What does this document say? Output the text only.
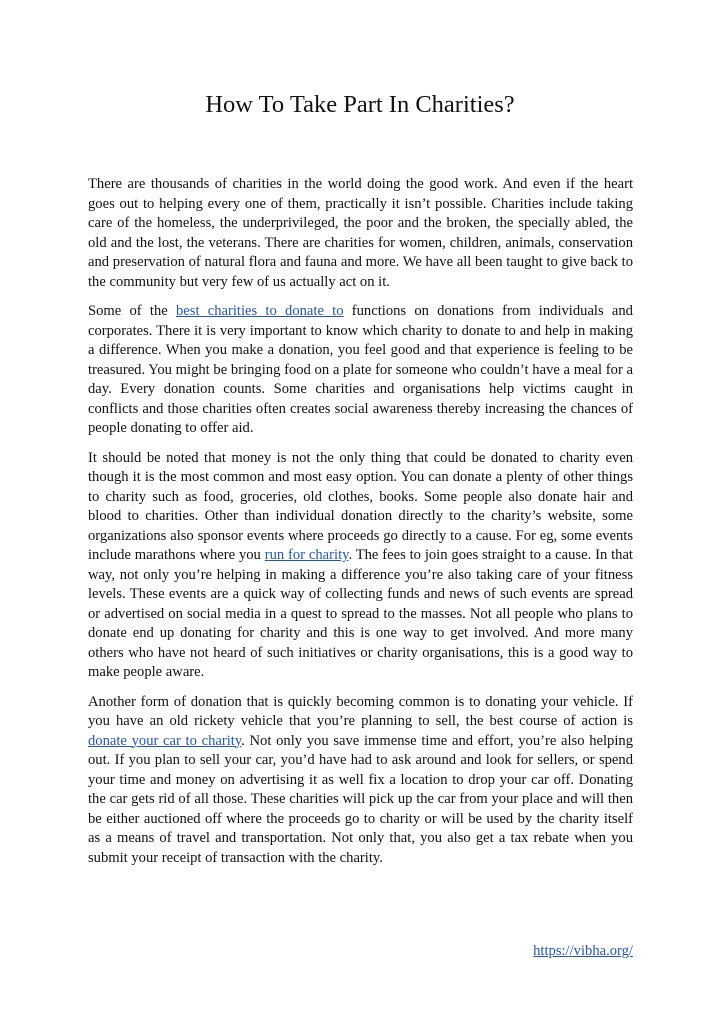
How To Take Part In Charities?

There are thousands of charities in the world doing the good work. And even if the heart goes out to helping every one of them, practically it isn’t possible. Charities include taking care of the homeless, the underprivileged, the poor and the broken, the specially abled, the old and the lost, the veterans. There are charities for women, children, animals, conservation and preservation of natural flora and fauna and more. We have all been taught to give back to the community but very few of us actually act on it.

Some of the best charities to donate to functions on donations from individuals and corporates. There it is very important to know which charity to donate to and help in making a difference. When you make a donation, you feel good and that experience is feeling to be treasured. You might be bringing food on a plate for someone who couldn’t have a meal for a day. Every donation counts. Some charities and organisations help victims caught in conflicts and those charities often creates social awareness thereby increasing the chances of people donating to offer aid.

It should be noted that money is not the only thing that could be donated to charity even though it is the most common and most easy option. You can donate a plenty of other things to charity such as food, groceries, old clothes, books. Some people also donate hair and blood to charities. Other than individual donation directly to the charity’s website, some organizations also sponsor events where proceeds go directly to a cause. For eg, some events include marathons where you run for charity. The fees to join goes straight to a cause. In that way, not only you’re helping in making a difference you’re also taking care of your fitness levels. These events are a quick way of collecting funds and news of such events are spread or advertised on social media in a quest to spread to the masses. Not all people who plans to donate end up donating for charity and this is one way to get involved. And more many others who have not heard of such initiatives or charity organisations, this is a good way to make people aware.

Another form of donation that is quickly becoming common is to donating your vehicle. If you have an old rickety vehicle that you’re planning to sell, the best course of action is donate your car to charity. Not only you save immense time and effort, you’re also helping out. If you plan to sell your car, you’d have had to ask around and look for sellers, or spend your time and money on advertising it as well fix a location to drop your car off. Donating the car gets rid of all those. These charities will pick up the car from your place and will then be either auctioned off where the proceeds go to charity or will be used by the charity itself as a means of travel and transportation. Not only that, you also get a tax rebate when you submit your receipt of transaction with the charity.

https://vibha.org/
